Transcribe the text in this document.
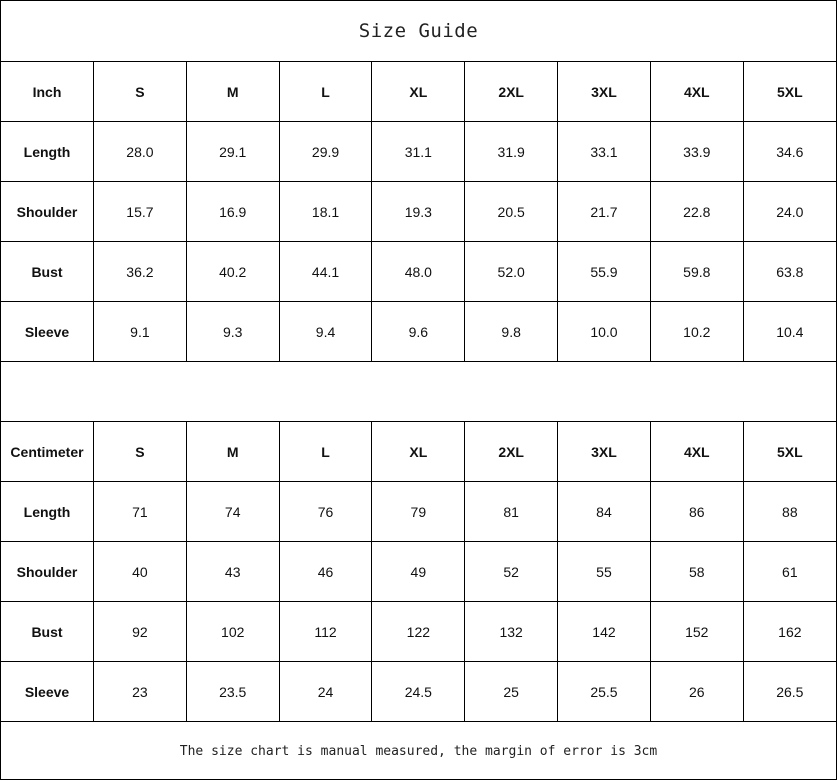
Size Guide
Inch	S	M	L	XL	2XL	3XL	4XL	5XL
Length	28.0	29.1	29.9	31.1	31.9	33.1	33.9	34.6
Shoulder	15.7	16.9	18.1	19.3	20.5	21.7	22.8	24.0
Bust	36.2	40.2	44.1	48.0	52.0	55.9	59.8	63.8
Sleeve	9.1	9.3	9.4	9.6	9.8	10.0	10.2	10.4
Centimeter	S	M	L	XL	2XL	3XL	4XL	5XL
Length	71	74	76	79	81	84	86	88
Shoulder	40	43	46	49	52	55	58	61
Bust	92	102	112	122	132	142	152	162
Sleeve	23	23.5	24	24.5	25	25.5	26	26.5
The size chart is manual measured, the margin of error is 3cm
